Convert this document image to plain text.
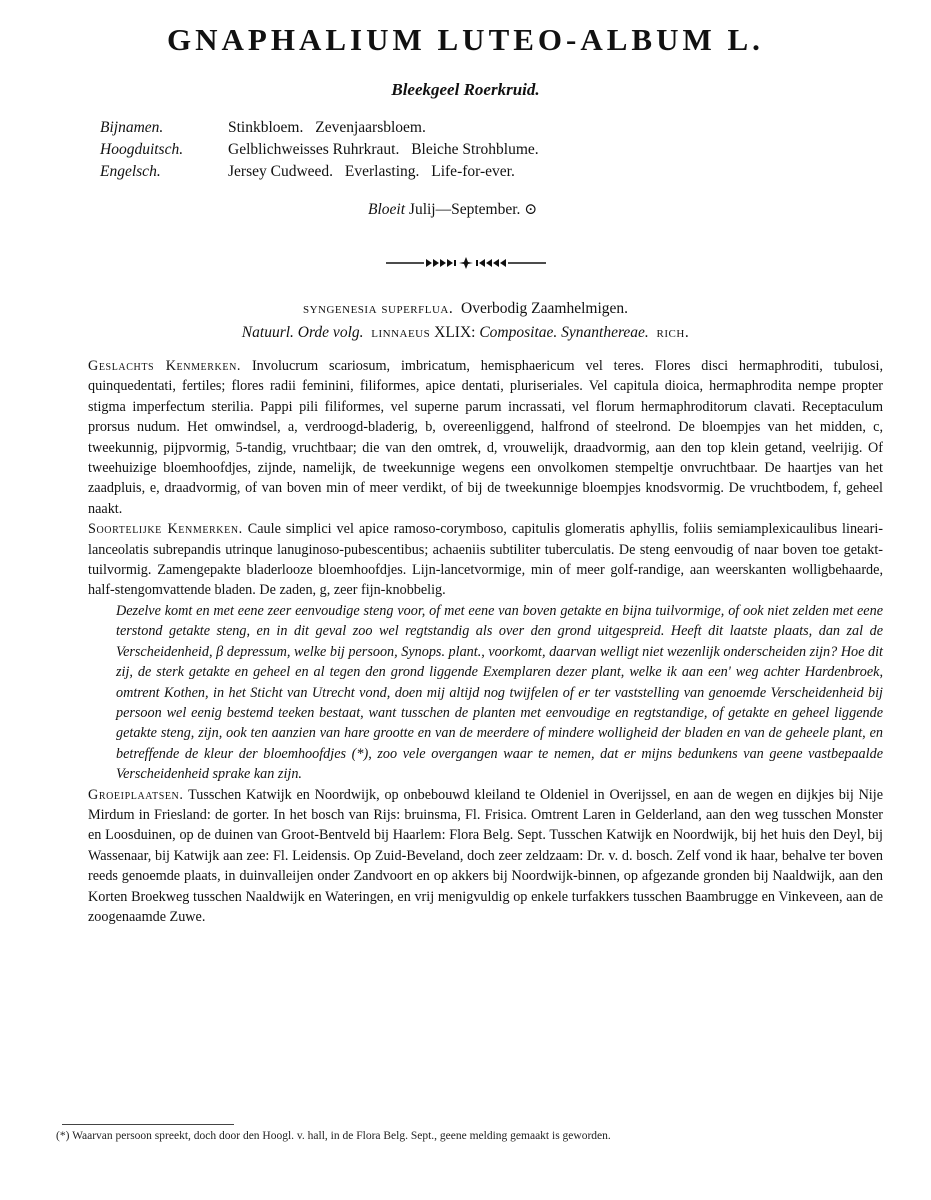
GNAPHALIUM LUTEO-ALBUM L.
Bleekgeel Roerkruid.
Bijnamen.	Stinkbloem. Zevenjaarsbloem.
Hoogduitsch.	Gelblichweisses Ruhrkraut. Bleiche Strohblume.
Engelsch.	Jersey Cudweed. Everlasting. Life-for-ever.
Bloeit Julij—September. ⊙
syngenesia superflua. Overbodig Zaamhelmigen.
Natuurl. Orde volg. linnaeus XLIX: Compositae. Synanthereae. rich.

Geslachts Kenmerken. Involucrum scariosum, imbricatum, hemisphaericum vel teres. Flores disci hermaphroditi, tubulosi, quinquedentati, fertiles; flores radii feminini, filiformes, apice dentati, pluriseriales. Vel capitula dioica, hermaphrodita nempe propter stigma imperfectum sterilia. Pappi pili filiformes, vel superne parum incrassati, vel florum hermaphroditorum clavati. Receptaculum prorsus nudum. Het omwindsel, a, verdroogd-bladerig, b, overeenliggend, halfrond of steelrond. De bloempjes van het midden, c, tweekunnig, pijpvormig, 5-tandig, vruchtbaar; die van den omtrek, d, vrouwelijk, draadvormig, aan den top klein getand, veelrijig. Of tweehuizige bloemhoofdjes, zijnde, namelijk, de tweekunnige wegens een onvolkomen stempeltje onvruchtbaar. De haartjes van het zaadpluis, e, draadvormig, of van boven min of meer verdikt, of bij de tweekunnige bloempjes knodsvormig. De vruchtbodem, f, geheel naakt.

Soortelijke Kenmerken. Caule simplici vel apice ramoso-corymboso, capitulis glomeratis aphyllis, foliis semiamplexicaulibus lineari-lanceolatis subrepandis utrinque lanuginoso-pubescentibus; achaeniis subtiliter tuberculatis. De steng eenvoudig of naar boven toe getakt-tuilvormig. Zamengepakte bladerlooze bloemhoofdjes. Lijn-lancetvormige, min of meer golf-randige, aan weerskanten wolligbehaarde, half-stengomvattende bladen. De zaden, g, zeer fijn-knobbelig.

Dezelve komt en met eene zeer eenvoudige steng voor, of met eene van boven getakte en bijna tuilvormige, of ook niet zelden met eene terstond getakte steng, en in dit geval zoo wel regtstandig als over den grond uitgespreid. Heeft dit laatste plaats, dan zal de Verscheidenheid, β depressum, welke bij persoon, Synops. plant., voorkomt, daarvan welligt niet wezenlijk onderscheiden zijn? Hoe dit zij, de sterk getakte en geheel en al tegen den grond liggende Exemplaren dezer plant, welke ik aan een' weg achter Hardenbroek, omtrent Kothen, in het Sticht van Utrecht vond, doen mij altijd nog twijfelen of er ter vaststelling van genoemde Verscheidenheid bij persoon wel eenig bestemd teeken bestaat, want tusschen de planten met eenvoudige en regtstandige, of getakte en geheel liggende getakte steng, zijn, ook ten aanzien van hare grootte en van de meerdere of mindere wolligheid der bladen en van de geheele plant, en betreffende de kleur der bloemhoofdjes (*), zoo vele overgangen waar te nemen, dat er mijns bedunkens van geene vastbepaalde Verscheidenheid sprake kan zijn.

Groeiplaatsen. Tusschen Katwijk en Noordwijk, op onbebouwd kleiland te Oldeniel in Overijssel, en aan de wegen en dijkjes bij Nije Mirdum in Friesland: de gorter. In het bosch van Rijs: bruinsma, Fl. Frisica. Omtrent Laren in Gelderland, aan den weg tusschen Monster en Loosduinen, op de duinen van Groot-Bentveld bij Haarlem: Flora Belg. Sept. Tusschen Katwijk en Noordwijk, bij het huis den Deyl, bij Wassenaar, bij Katwijk aan zee: Fl. Leidensis. Op Zuid-Beveland, doch zeer zeldzaam: Dr. v. d. bosch. Zelf vond ik haar, behalve ter boven reeds genoemde plaats, in duinvalleijen onder Zandvoort en op akkers bij Noordwijk-binnen, op afgezande gronden bij Naaldwijk, aan den Korten Broekweg tusschen Naaldwijk en Wateringen, en vrij menigvuldig op enkele turfakkers tusschen Baambrugge en Vinkeveen, aan de zoogenaamde Zuwe.

(*) Waarvan persoon spreekt, doch door den Hoogl. v. hall, in de Flora Belg. Sept., geene melding gemaakt is geworden.
